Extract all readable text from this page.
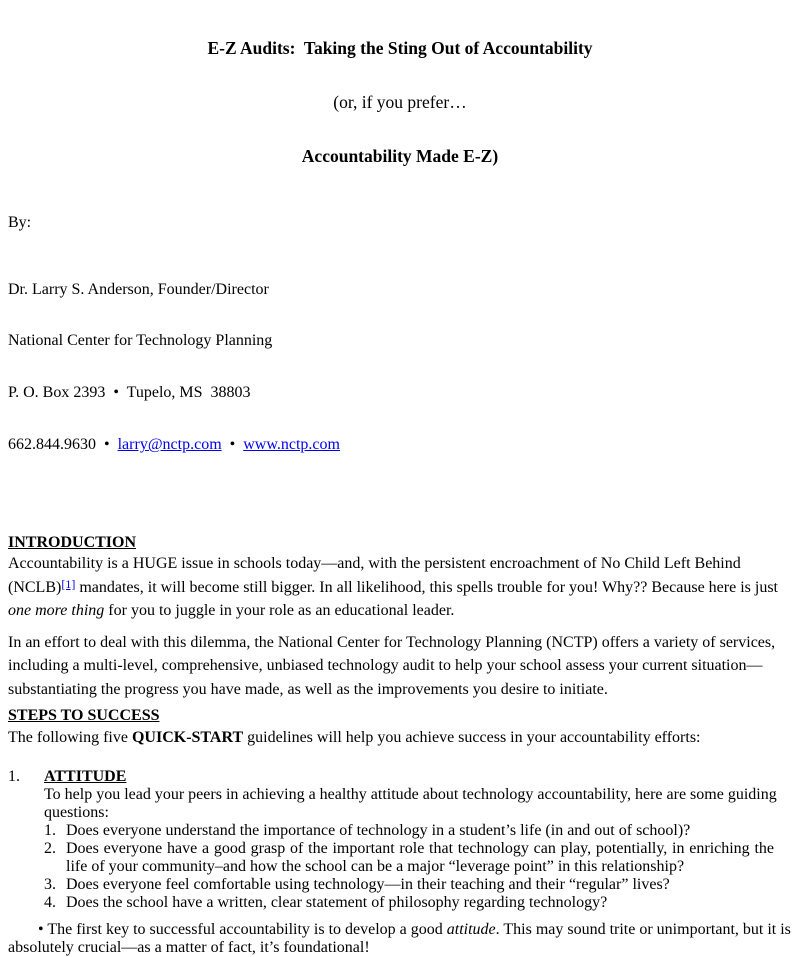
E-Z Audits:  Taking the Sting Out of Accountability

(or, if you prefer…

Accountability Made E-Z)

By:

Dr. Larry S. Anderson, Founder/Director

National Center for Technology Planning

P. O. Box 2393  •  Tupelo, MS  38803

662.844.9630  •  larry@nctp.com  •  www.nctp.com

INTRODUCTION

Accountability is a HUGE issue in schools today—and, with the persistent encroachment of No Child Left Behind (NCLB)[1] mandates, it will become still bigger. In all likelihood, this spells trouble for you! Why?? Because here is just one more thing for you to juggle in your role as an educational leader.

In an effort to deal with this dilemma, the National Center for Technology Planning (NCTP) offers a variety of services, including a multi-level, comprehensive, unbiased technology audit to help your school assess your current situation—substantiating the progress you have made, as well as the improvements you desire to initiate.

STEPS TO SUCCESS

The following five QUICK-START guidelines will help you achieve success in your accountability efforts:

1.	ATTITUDE
To help you lead your peers in achieving a healthy attitude about technology accountability, here are some guiding questions:
1. Does everyone understand the importance of technology in a student’s life (in and out of school)?
2. Does everyone have a good grasp of the important role that technology can play, potentially, in enriching the life of your community–and how the school can be a major “leverage point” in this relationship?
3. Does everyone feel comfortable using technology—in their teaching and their “regular” lives?
4. Does the school have a written, clear statement of philosophy regarding technology?

• The first key to successful accountability is to develop a good attitude. This may sound trite or unimportant, but it is absolutely crucial—as a matter of fact, it’s foundational!
